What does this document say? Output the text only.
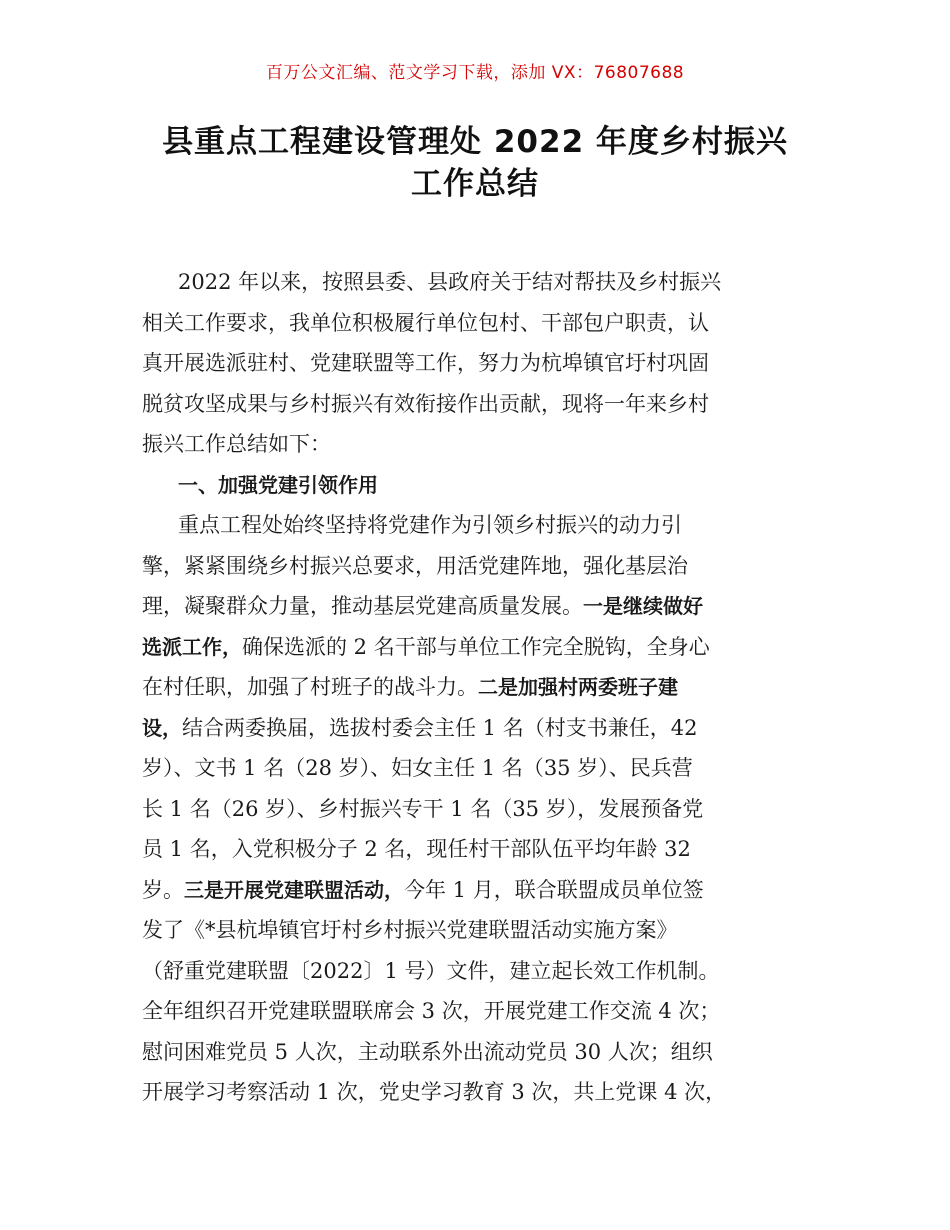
百万公文汇编、范文学习下载，添加 VX：76807688
县重点工程建设管理处 2022 年度乡村振兴
工作总结
2022 年以来，按照县委、县政府关于结对帮扶及乡村振兴
相关工作要求，我单位积极履行单位包村、干部包户职责，认
真开展选派驻村、党建联盟等工作，努力为杭埠镇官圩村巩固
脱贫攻坚成果与乡村振兴有效衔接作出贡献，现将一年来乡村
振兴工作总结如下：
一、加强党建引领作用
重点工程处始终坚持将党建作为引领乡村振兴的动力引
擎，紧紧围绕乡村振兴总要求，用活党建阵地，强化基层治
理，凝聚群众力量，推动基层党建高质量发展。一是继续做好
选派工作，确保选派的 2 名干部与单位工作完全脱钩，全身心
在村任职，加强了村班子的战斗力。二是加强村两委班子建
设，结合两委换届，选拔村委会主任 1 名（村支书兼任，42
岁）、文书 1 名（28 岁）、妇女主任 1 名（35 岁）、民兵营
长 1 名（26 岁）、乡村振兴专干 1 名（35 岁），发展预备党
员 1 名，入党积极分子 2 名，现任村干部队伍平均年龄 32
岁。三是开展党建联盟活动，今年 1 月，联合联盟成员单位签
发了《*县杭埠镇官圩村乡村振兴党建联盟活动实施方案》
（舒重党建联盟〔2022〕1 号）文件，建立起长效工作机制。
全年组织召开党建联盟联席会 3 次，开展党建工作交流 4 次；
慰问困难党员 5 人次，主动联系外出流动党员 30 人次；组织
开展学习考察活动 1 次，党史学习教育 3 次，共上党课 4 次，
